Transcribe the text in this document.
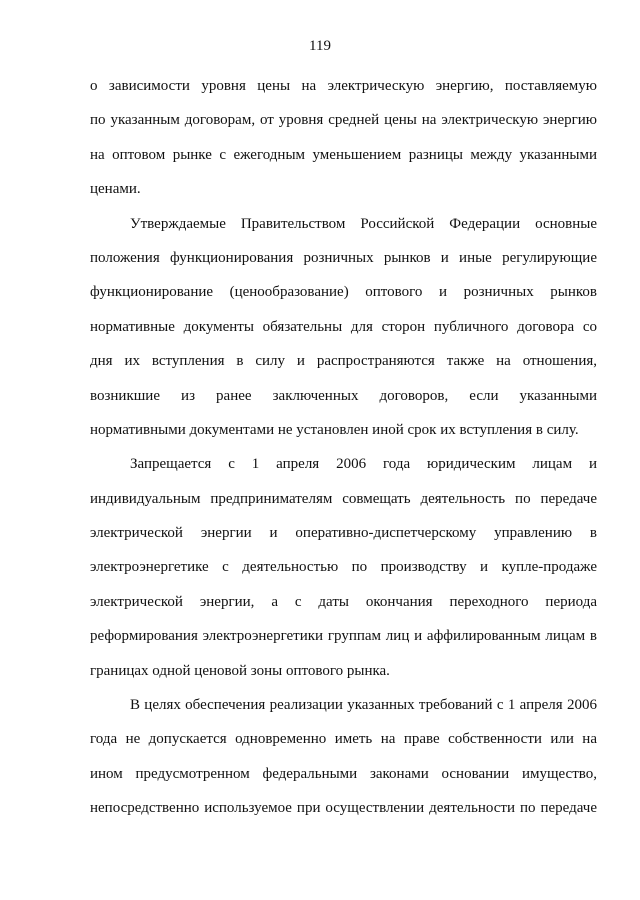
119
о зависимости уровня цены на электрическую энергию, поставляемую
по указанным договорам, от уровня средней цены на электрическую энергию
на оптовом рынке с ежегодным уменьшением разницы между указанными
ценами.
Утверждаемые Правительством Российской Федерации основные
положения функционирования розничных рынков и иные регулирующие
функционирование (ценообразование) оптового и розничных рынков
нормативные документы обязательны для сторон публичного договора со
дня их вступления в силу и распространяются также на отношения,
возникшие из ранее заключенных договоров, если указанными
нормативными документами не установлен иной срок их вступления в силу.
Запрещается с 1 апреля 2006 года юридическим лицам и
индивидуальным предпринимателям совмещать деятельность по передаче
электрической энергии и оперативно-диспетчерскому управлению в
электроэнергетике с деятельностью по производству и купле-продаже
электрической энергии, а с даты окончания переходного периода
реформирования электроэнергетики группам лиц и аффилированным лицам в
границах одной ценовой зоны оптового рынка.
В целях обеспечения реализации указанных требований с 1 апреля 2006
года не допускается одновременно иметь на праве собственности или на
ином предусмотренном федеральными законами основании имущество,
непосредственно используемое при осуществлении деятельности по передаче
